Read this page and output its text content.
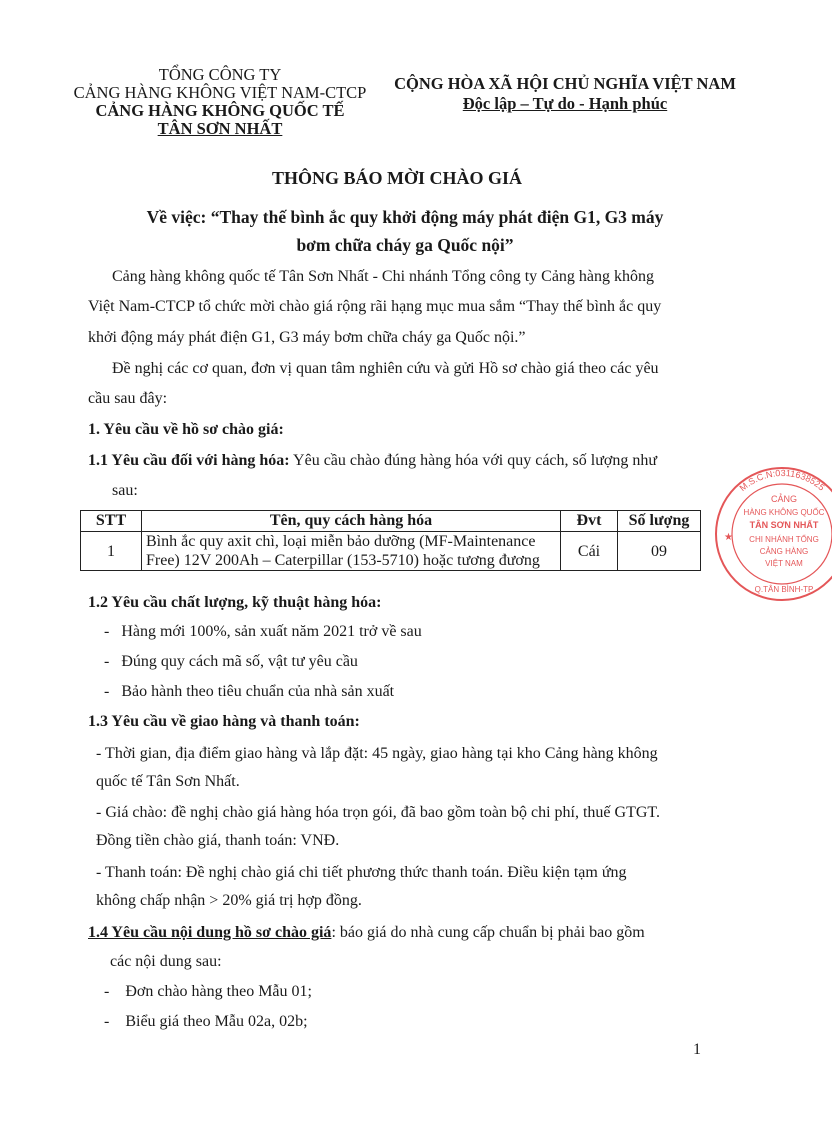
TỔNG CÔNG TY
CẢNG HÀNG KHÔNG VIỆT NAM-CTCP
CẢNG HÀNG KHÔNG QUỐC TẾ
TÂN SƠN NHẤT
CỘNG HÒA XÃ HỘI CHỦ NGHĨA VIỆT NAM
Độc lập – Tự do - Hạnh phúc
THÔNG BÁO MỜI CHÀO GIÁ
Về việc: “Thay thế bình ắc quy khởi động máy phát điện G1, G3 máy
bơm chữa cháy ga Quốc nội”
Cảng hàng không quốc tế Tân Sơn Nhất - Chi nhánh Tổng công ty Cảng hàng không
Việt Nam-CTCP tổ chức mời chào giá rộng rãi hạng mục mua sắm “Thay thế bình ắc quy
khởi động máy phát điện G1, G3 máy bơm chữa cháy ga Quốc nội.”
Đề nghị các cơ quan, đơn vị quan tâm nghiên cứu và gửi Hồ sơ chào giá theo các yêu
cầu sau đây:
1. Yêu cầu về hồ sơ chào giá:
1.1 Yêu cầu đối với hàng hóa: Yêu cầu chào đúng hàng hóa với quy cách, số lượng như
sau:
STT	Tên, quy cách hàng hóa	Đvt	Số lượng
1	Bình ắc quy axit chì, loại miễn bảo dưỡng (MF-Maintenance
Free) 12V 200Ah – Caterpillar (153-5710) hoặc tương đương	Cái	09
1.2 Yêu cầu chất lượng, kỹ thuật hàng hóa:
-   Hàng mới 100%, sản xuất năm 2021 trở về sau
-   Đúng quy cách mã số, vật tư yêu cầu
-   Bảo hành theo tiêu chuẩn của nhà sản xuất
1.3 Yêu cầu về giao hàng và thanh toán:
- Thời gian, địa điểm giao hàng và lắp đặt: 45 ngày, giao hàng tại kho Cảng hàng không
quốc tế Tân Sơn Nhất.
- Giá chào: đề nghị chào giá hàng hóa trọn gói, đã bao gồm toàn bộ chi phí, thuế GTGT.
Đồng tiền chào giá, thanh toán: VNĐ.
- Thanh toán: Đề nghị chào giá chi tiết phương thức thanh toán. Điều kiện tạm ứng
không chấp nhận > 20% giá trị hợp đồng.
1.4 Yêu cầu nội dung hồ sơ chào giá: báo giá do nhà cung cấp chuẩn bị phải bao gồm
các nội dung sau:
-    Đơn chào hàng theo Mẫu 01;
-    Biểu giá theo Mẫu 02a, 02b;
1
M.S.C.N:0311638525
CẢNG
HÀNG KHÔNG QUỐC
TÂN SƠN NHẤT
CHI NHÁNH TỔNG
CẢNG HÀNG
VIỆT NAM
★
Q.TÂN BÌNH-TP
